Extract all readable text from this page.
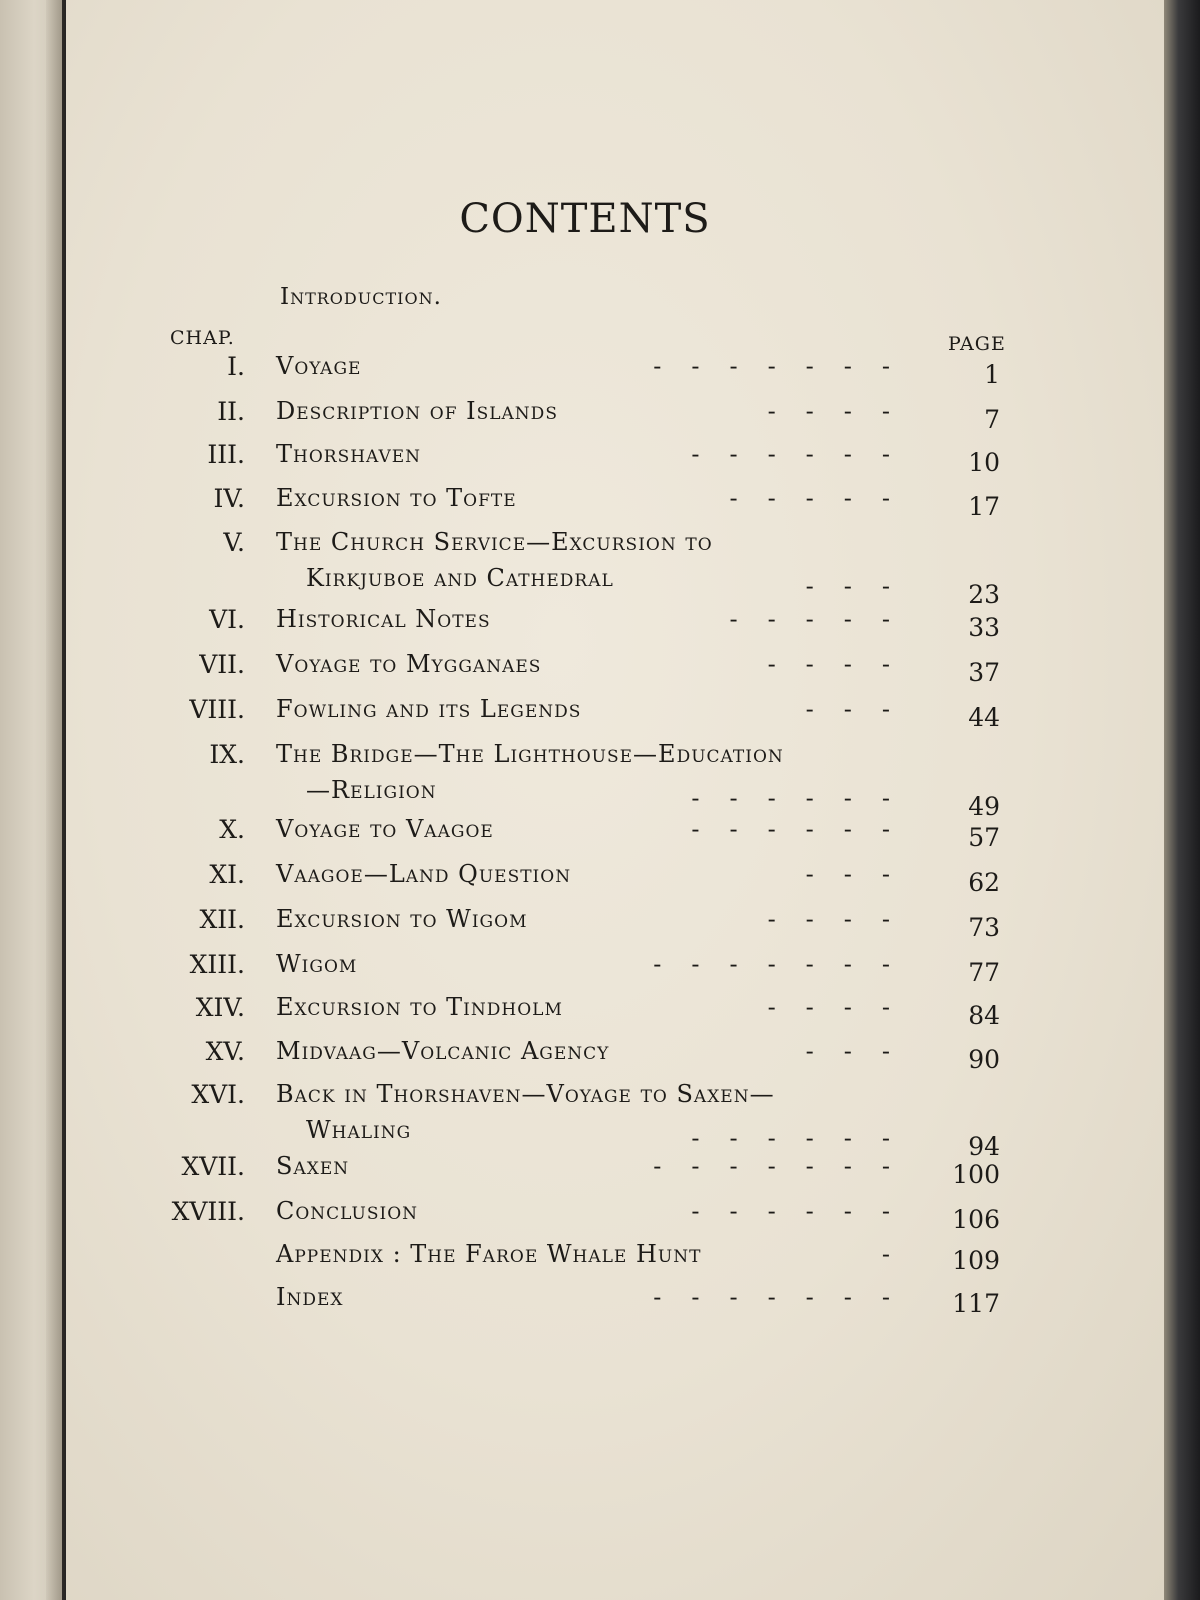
CONTENTS
Introduction.
CHAP.	PAGE
I. Voyage	-------	1
II. Description of Islands	----	7
III. Thorshaven	------ 10
IV. Excursion to Tofte	----- 17
V. The Church Service—Excursion to
Kirkjuboe and Cathedral	--- 23
VI. Historical Notes	----- 33
VII. Voyage to Mygganaes	---- 37
VIII. Fowling and its Legends	--- 44
IX. The Bridge—The Lighthouse—Education
—Religion	------ 49
X. Voyage to Vaagoe	------ 57
XI. Vaagoe—Land Question	--- 62
XII. Excursion to Wigom	---- 73
XIII. Wigom	------- 77
XIV. Excursion to Tindholm	---- 84
XV. Midvaag—Volcanic Agency	--- 90
XVI. Back in Thorshaven—Voyage to Saxen—
Whaling	------ 94
XVII. Saxen	------- 100
XVIII. Conclusion	------ 106
Appendix : The Faroe Whale Hunt	- 109
Index	------- 117
